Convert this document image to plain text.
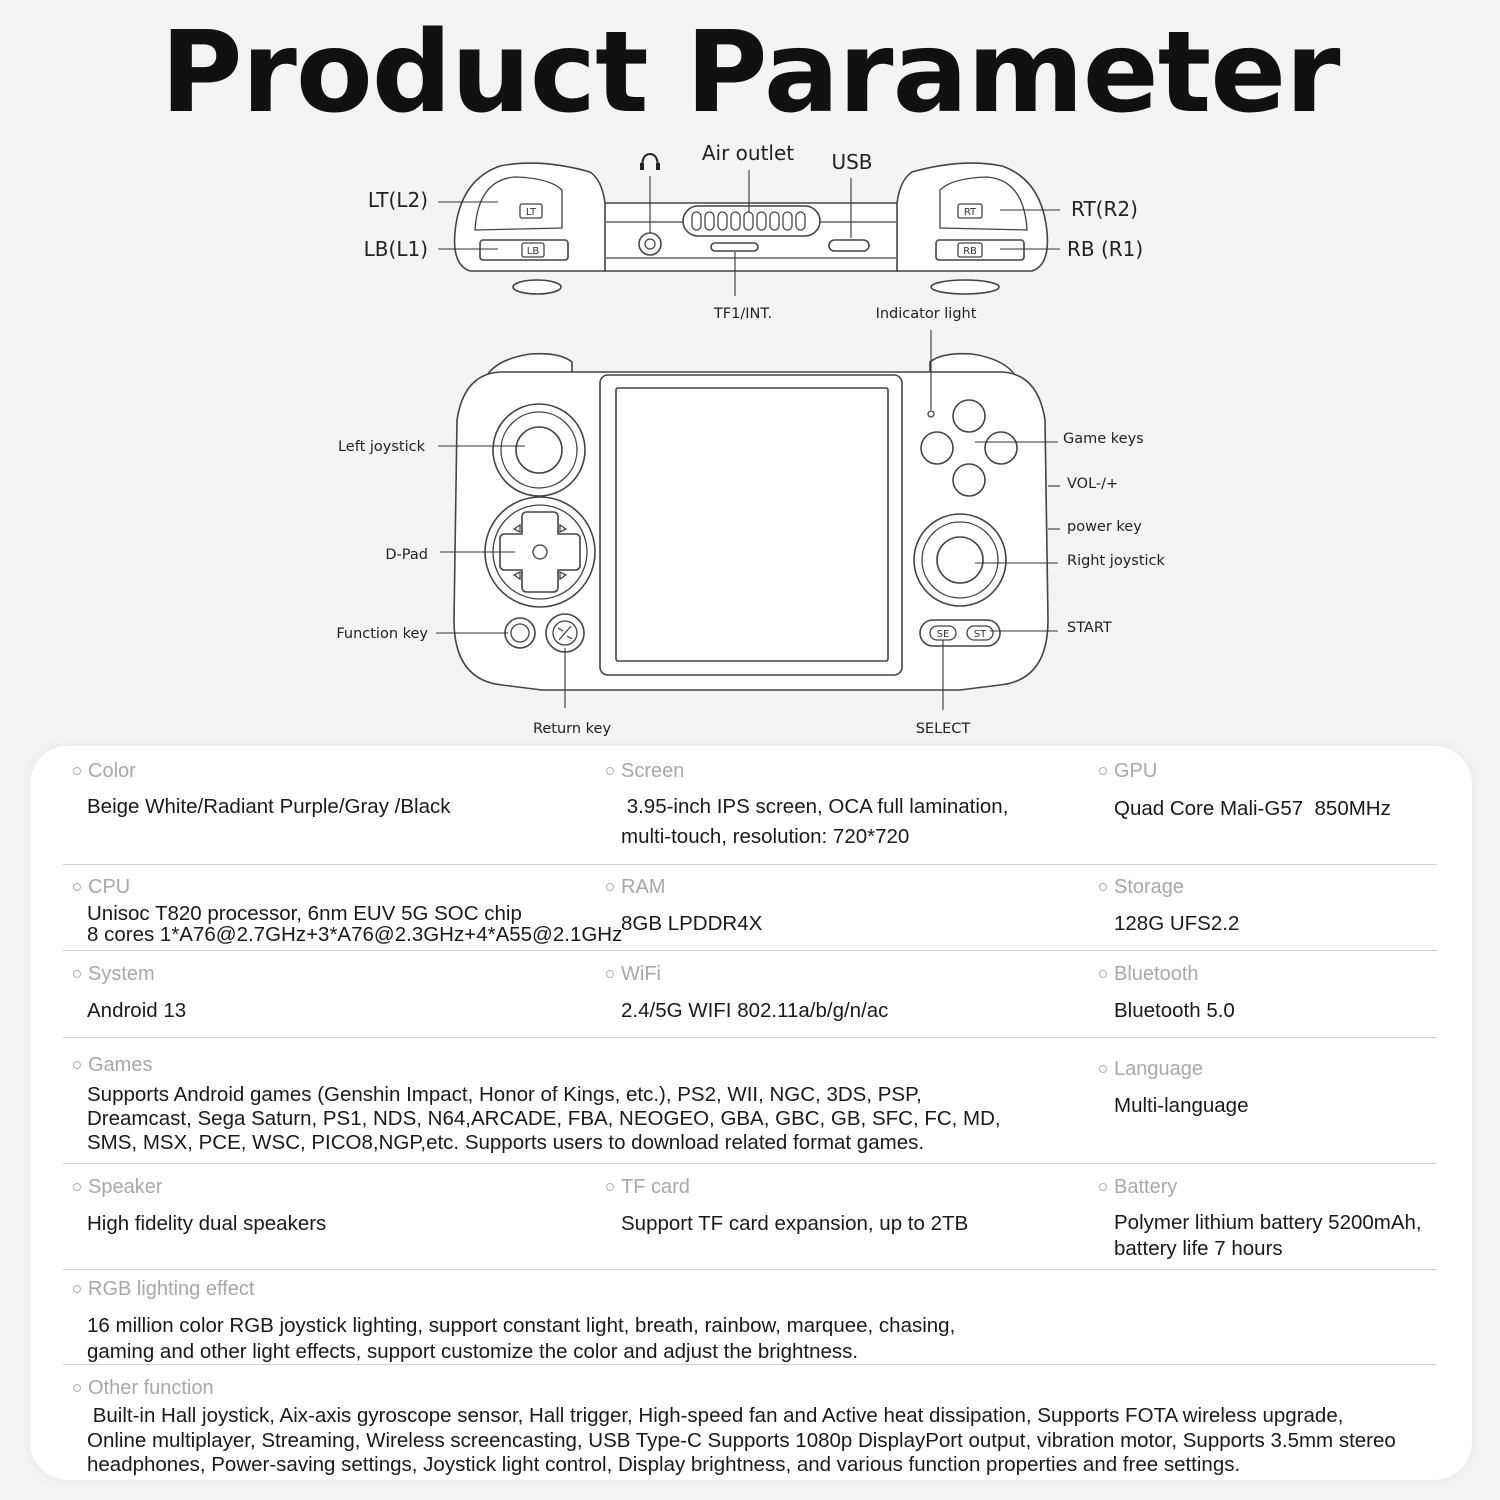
Product Parameter
LT
LB
RT
RB
Air outlet USB
LT(L2)
LB(L1)
RT(R2)
RB (R1)
TF1/INT.	Indicator light
SE ST
Left joystick
D-Pad
Function key
Return key
Game keys
VOL-/+
power key
Right joystick
START
SELECT
Color
Beige White/Radiant Purple/Gray /Black
Screen
3.95-inch IPS screen, OCA full lamination,
multi-touch, resolution: 720*720
GPU
Quad Core Mali-G57  850MHz
CPU
Unisoc T820 processor, 6nm EUV 5G SOC chip
8 cores 1*A76@2.7GHz+3*A76@2.3GHz+4*A55@2.1GHz
RAM
8GB LPDDR4X
Storage
128G UFS2.2
System
Android 13
WiFi
2.4/5G WIFI 802.11a/b/g/n/ac
Bluetooth
Bluetooth 5.0
Games
Supports Android games (Genshin Impact, Honor of Kings, etc.), PS2, WII, NGC, 3DS, PSP,
Dreamcast, Sega Saturn, PS1, NDS, N64,ARCADE, FBA, NEOGEO, GBA, GBC, GB, SFC, FC, MD,
SMS, MSX, PCE, WSC, PICO8,NGP,etc. Supports users to download related format games.
Language
Multi-language
Speaker
High fidelity dual speakers
TF card
Support TF card expansion, up to 2TB
Battery
Polymer lithium battery 5200mAh,
battery life 7 hours
RGB lighting effect
16 million color RGB joystick lighting, support constant light, breath, rainbow, marquee, chasing,
gaming and other light effects, support customize the color and adjust the brightness.
Other function
Built-in Hall joystick, Aix-axis gyroscope sensor, Hall trigger, High-speed fan and Active heat dissipation, Supports FOTA wireless upgrade,
Online multiplayer, Streaming, Wireless screencasting, USB Type-C Supports 1080p DisplayPort output, vibration motor, Supports 3.5mm stereo
headphones, Power-saving settings, Joystick light control, Display brightness, and various function properties and free settings.
